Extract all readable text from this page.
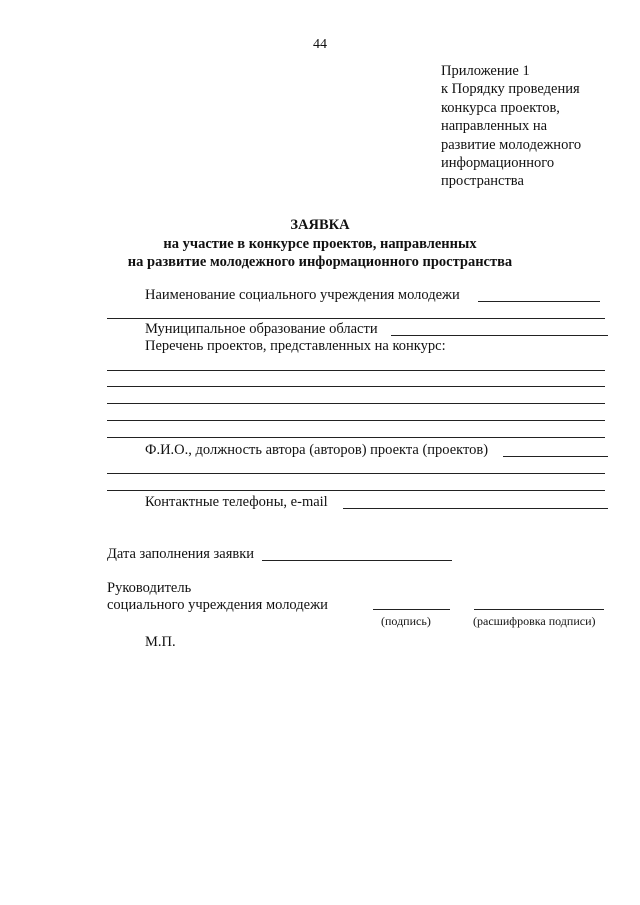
44
Приложение 1
к Порядку проведения
конкурса проектов,
направленных на
развитие молодежного
информационного
пространства
ЗАЯВКА
на участие в конкурсе проектов, направленных
на развитие молодежного информационного пространства
Наименование социального учреждения молодежи
Муниципальное образование области
Перечень проектов, представленных на конкурс:
Ф.И.О., должность автора (авторов) проекта (проектов)
Контактные телефоны, e-mail
Дата заполнения заявки
Руководитель
социального учреждения молодежи
(подпись)	(расшифровка подписи)
М.П.
